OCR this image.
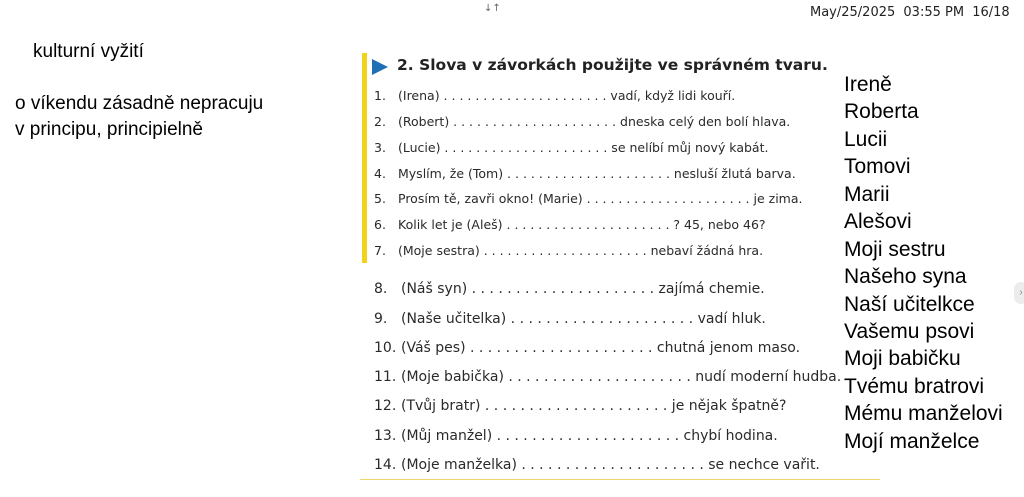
↓↑	May/25/2025 03:55 PM 16/18
›
kulturní vyžití
o víkendu zásadně nepracuju
v principu, principielně
2. Slova v závorkách použijte ve správném tvaru.
1. (Irena) . . . . . . . . . . . . . . . . . . . . . vadí, když lidi kouří.
2. (Robert) . . . . . . . . . . . . . . . . . . . . . dneska celý den bolí hlava.
3. (Lucie) . . . . . . . . . . . . . . . . . . . . . se nelíbí můj nový kabát.
4. Myslím, že (Tom) . . . . . . . . . . . . . . . . . . . . . nesluší žlutá barva.
5. Prosím tě, zavři okno! (Marie) . . . . . . . . . . . . . . . . . . . . . je zima.
6. Kolik let je (Aleš) . . . . . . . . . . . . . . . . . . . . . ? 45, nebo 46?
7. (Moje sestra) . . . . . . . . . . . . . . . . . . . . . nebaví žádná hra.
8. (Náš syn) . . . . . . . . . . . . . . . . . . . . . zajímá chemie.
9. (Naše učitelka) . . . . . . . . . . . . . . . . . . . . . vadí hluk.
10. (Váš pes) . . . . . . . . . . . . . . . . . . . . . chutná jenom maso.
11. (Moje babička) . . . . . . . . . . . . . . . . . . . . . nudí moderní hudba.
12. (Tvůj bratr) . . . . . . . . . . . . . . . . . . . . . je nějak špatně?
13. (Můj manžel) . . . . . . . . . . . . . . . . . . . . . chybí hodina.
14. (Moje manželka) . . . . . . . . . . . . . . . . . . . . . se nechce vařit.
Ireně
Roberta
Lucii
Tomovi
Marii
Alešovi
Moji sestru
Našeho syna
Naší učitelkce
Vašemu psovi
Moji babičku
Tvému bratrovi
Mému manželovi
Mojí manželce
